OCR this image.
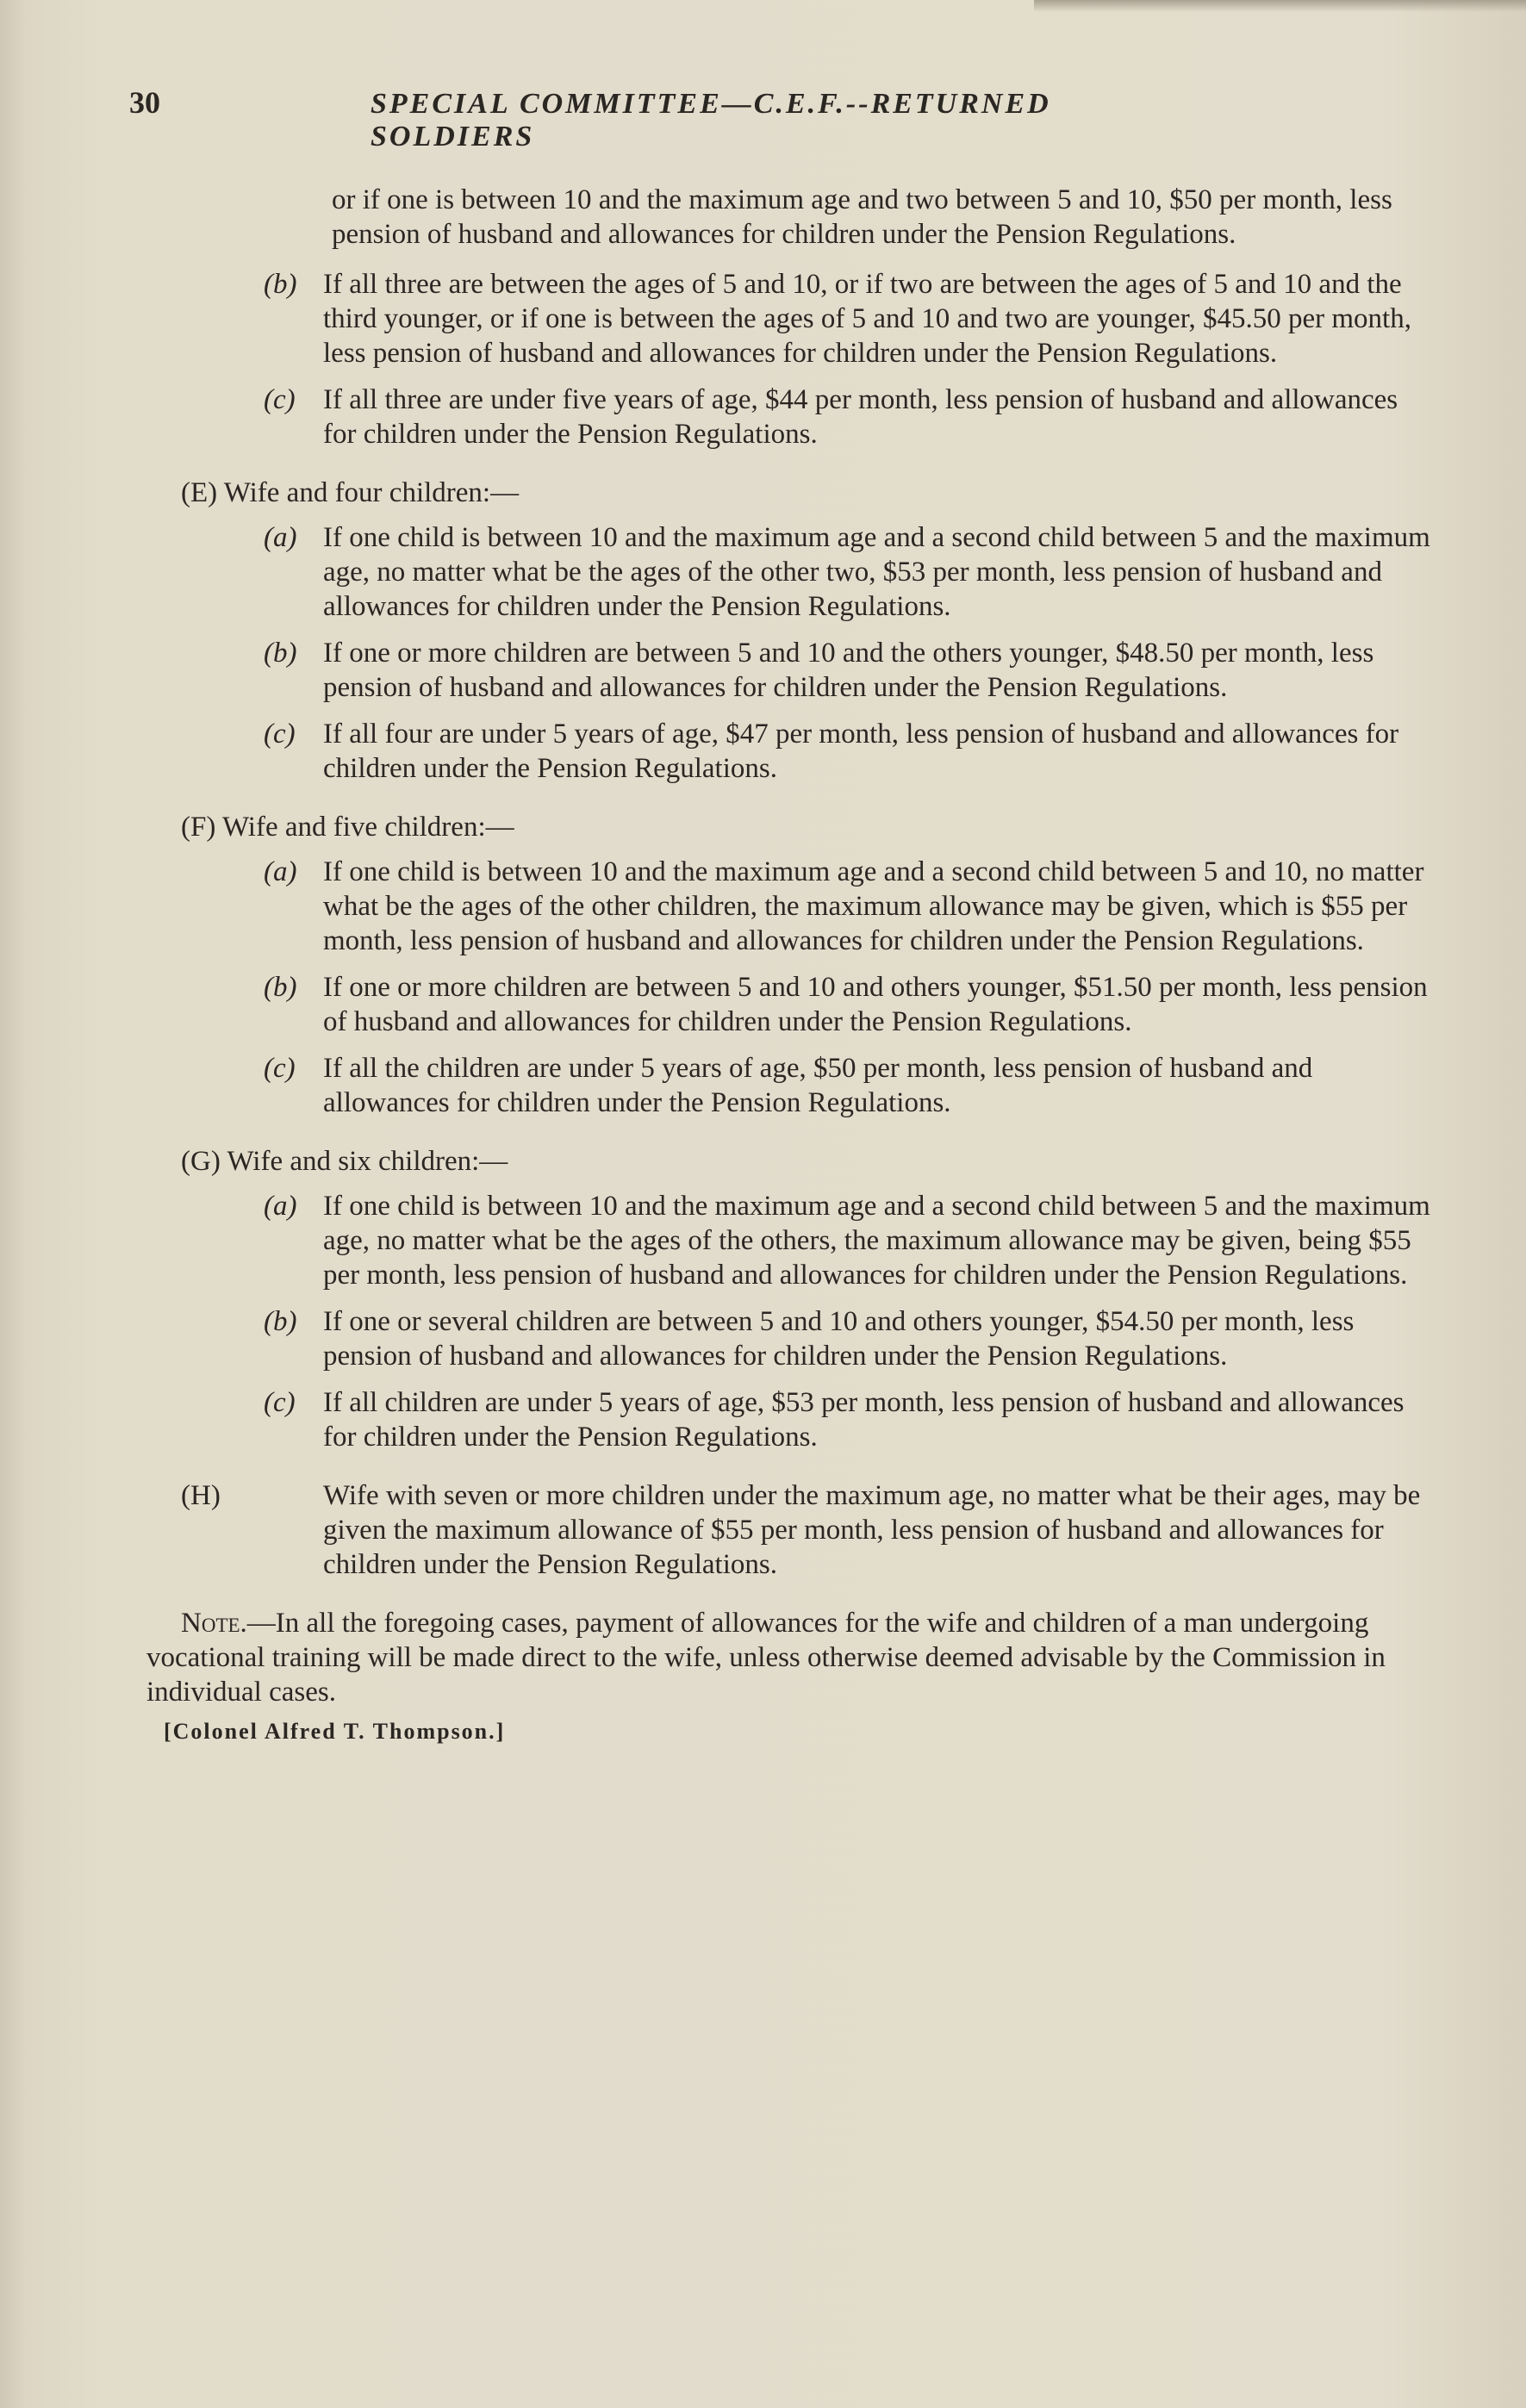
30	SPECIAL COMMITTEE—C.E.F.--RETURNED SOLDIERS

or if one is between 10 and the maximum age and two between 5 and 10, $50 per month, less pension of husband and allowances for children under the Pension Regulations.

(b) If all three are between the ages of 5 and 10, or if two are between the ages of 5 and 10 and the third younger, or if one is between the ages of 5 and 10 and two are younger, $45.50 per month, less pension of husband and allowances for children under the Pension Regulations.

(c) If all three are under five years of age, $44 per month, less pension of husband and allowances for children under the Pension Regulations.

(E) Wife and four children:—

(a) If one child is between 10 and the maximum age and a second child between 5 and the maximum age, no matter what be the ages of the other two, $53 per month, less pension of husband and allowances for children under the Pension Regulations.

(b) If one or more children are between 5 and 10 and the others younger, $48.50 per month, less pension of husband and allowances for children under the Pension Regulations.

(c) If all four are under 5 years of age, $47 per month, less pension of husband and allowances for children under the Pension Regulations.

(F) Wife and five children:—

(a) If one child is between 10 and the maximum age and a second child between 5 and 10, no matter what be the ages of the other children, the maximum allowance may be given, which is $55 per month, less pension of husband and allowances for children under the Pension Regulations.

(b) If one or more children are between 5 and 10 and others younger, $51.50 per month, less pension of husband and allowances for children under the Pension Regulations.

(c) If all the children are under 5 years of age, $50 per month, less pension of husband and allowances for children under the Pension Regulations.

(G) Wife and six children:—

(a) If one child is between 10 and the maximum age and a second child between 5 and the maximum age, no matter what be the ages of the others, the maximum allowance may be given, being $55 per month, less pension of husband and allowances for children under the Pension Regulations.

(b) If one or several children are between 5 and 10 and others younger, $54.50 per month, less pension of husband and allowances for children under the Pension Regulations.

(c) If all children are under 5 years of age, $53 per month, less pension of husband and allowances for children under the Pension Regulations.

(H)	Wife with seven or more children under the maximum age, no matter what be their ages, may be given the maximum allowance of $55 per month, less pension of husband and allowances for children under the Pension Regulations.

Note.—In all the foregoing cases, payment of allowances for the wife and children of a man undergoing vocational training will be made direct to the wife, unless otherwise deemed advisable by the Commission in individual cases.

[Colonel Alfred T. Thompson.]
